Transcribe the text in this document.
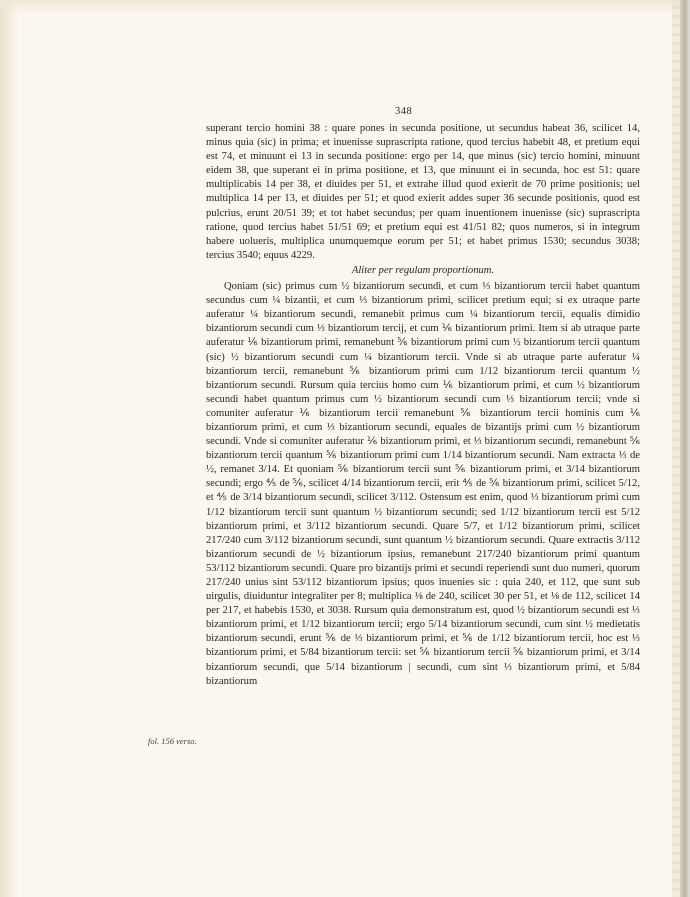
348

superant tercio homini 38 : quare pones in secunda positione, ut secundus habeat 36, scilicet 14, minus quia (sic) in prima; et inuenisse suprascripta ratione, quod tercius habebit 48, et pretium equi est 74, et minuunt ei 13 in secunda positione: ergo per 14, que minus (sic) tercio homini, minuunt eidem 38, que superant ei in prima positione, et 13, que minuunt ei in secunda, hoc est 51: quare multiplicabis 14 per 38, et diuides per 51, et extrahe illud quod exierit de 70 prime positionis; uel multiplica 14 per 13, et diuides per 51; et quod exierit addes super 36 secunde positionis, quod est pulcrius, erunt 20/51 39; et tot habet secundus; per quam inuentionem inuenisse (sic) suprascripta ratione, quod tercius habet 51/51 69; et pretium equi est 41/51 82; quos numeros, si in integrum habere uolueris, multiplica unumquemque eorum per 51; et habet primus 1530; secundus 3038; tercius 3540; equus 4229.

Aliter per regulam proportionum.

Qoniam (sic) primus cum ½ bizantiorum secundi, et cum ⅓ bizantiorum tercii habet quantum secundus cum ¼ bizantii, et cum ⅓ bizantiorum primi, scilicet pretium equi; si ex utraque parte auferatur ¼ bizantiorum secundi, remanebit primus cum ¼ bizantiorum tercii, equalis dimidio bizantiorum secundi cum ⅓ bizantiorum tercij, et cum ⅙ bizantiorum primi. Item si ab utraque parte auferatur ⅙ bizantiorum primi, remanebunt ⅚ bizantiorum primi cum ½ bizantiorum tercii quantum (sic) ½ bizantiorum secundi cum ¼ bizantiorum tercii. Vnde si ab utraque parte auferatur ¼ bizantiorum tercii, remanebunt ⅚ bizantiorum primi cum 1/12 bizantiorum tercii quantum ½ bizantiorum secundi. Rursum quia tercius homo cum ⅙ bizantiorum primi, et cum ½ bizantiorum secundi habet quantum primus cum ½ bizantiorum secundi cum ⅓ bizantiorum tercii; vnde si comuniter auferatur ⅙ bizantiorum tercii remanebunt ⅚ bizantiorum tercii hominis cum ⅙ bizantiorum primi, et cum ⅓ bizantiorum secundi, equales de bizantijs primi cum ½ bizantiorum secundi. Vnde si comuniter auferatur ⅙ bizantiorum primi, et ⅓ bizantiorum secundi, remanebunt ⅚ bizantiorum tercii quantum ⅚ bizantiorum primi cum 1/14 bizantiorum secundi. Nam extracta ⅓ de ½, remanet 3/14. Et quoniam ⅚ bizantiorum tercii sunt ⅚ bizantiorum primi, et 3/14 bizantiorum secundi; ergo ⅘ de ⅚, scilicet 4/14 bizantiorum tercii, erit ⅘ de ⅚ bizantiorum primi, scilicet 5/12, et ⅘ de 3/14 bizantiorum secundi, scilicet 3/112. Ostensum est enim, quod ⅓ bizantiorum primi cum 1/12 bizantiorum tercii sunt quantum ½ bizantiorum secundi; sed 1/12 bizantiorum tercii est 5/12 bizantiorum primi, et 3/112 bizantiorum secundi. Quare 5/7, et 1/12 bizantiorum primi, scilicet 217/240 cum 3/112 bizantiorum secundi, sunt quantum ½ bizantiorum secundi. Quare extractis 3/112 bizantiorum secundi de ½ bizantiorum ipsius, remanebunt 217/240 bizantiorum primi quantum 53/112 bizantiorum secundi. Quare pro bizantijs primi et secundi reperiendi sunt duo numeri, quorum 217/240 unius sint 53/112 bizantiorum ipsius; quos inuenies sic : quia 240, et 112, que sunt sub uirgulis, diuiduntur integraliter per 8; multiplica ⅛ de 240, scilicet 30 per 51, et ⅛ de 112, scilicet 14 per 217, et habebis 1530, et 3038. Rursum quia demonstratum est, quod ½ bizantiorum secundi est ⅓ bizantiorum primi, et 1/12 bizantiorum tercii; ergo 5/14 bizantiorum secundi, cum sint ½ medietatis bizantiorum secundi, erunt ⅚ de ⅓ bizantiorum primi, et ⅚ de 1/12 bizantiorum tercii, hoc est ⅓ bizantiorum primi, et 5/84 bizantiorum tercii: set ⅚ bizantiorum tercii ⅚ bizantiorum primi, et 3/14 bizantiorum secundi, que 5/14 bizantiorum | secundi, cum sint ⅓ bizantiorum primi, et 5/84 bizantiorum

fol. 156 verso.
